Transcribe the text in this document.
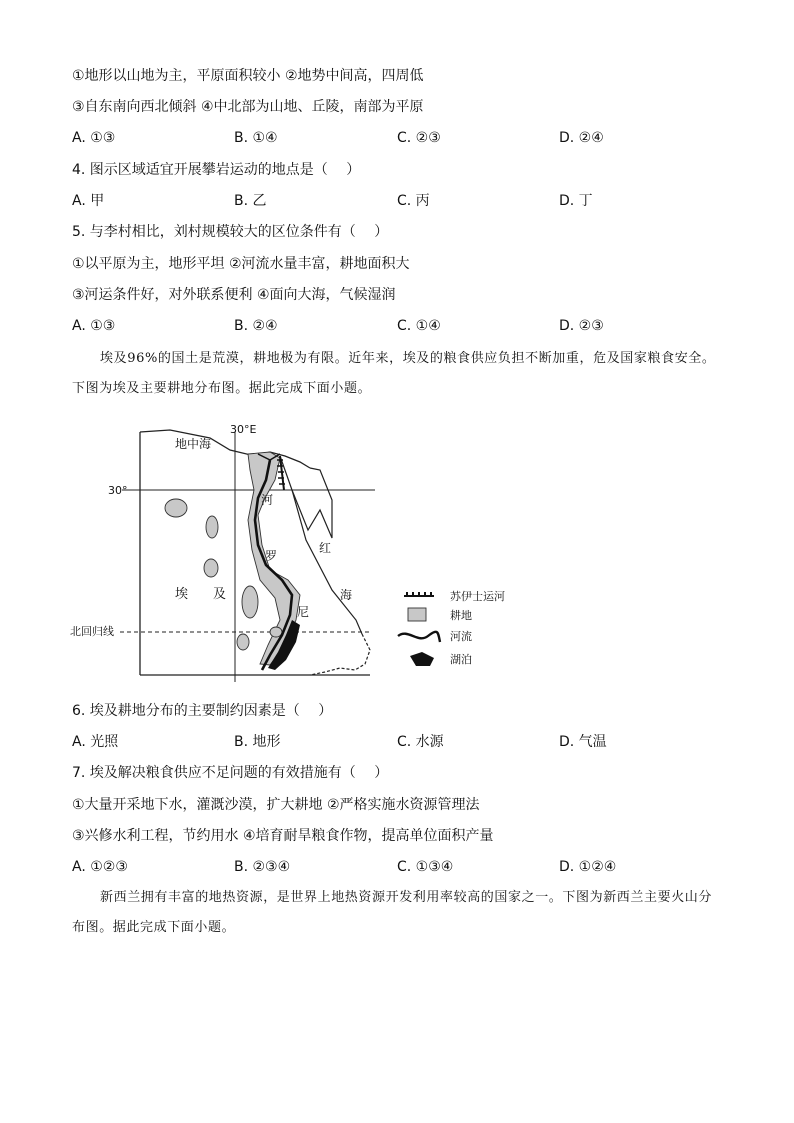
①地形以山地为主，平原面积较小 ②地势中间高，四周低
③自东南向西北倾斜 ④中北部为山地、丘陵，南部为平原
A. ①③	B. ①④	C. ②③	D. ②④
4. 图示区域适宜开展攀岩运动的地点是（　 ）
A. 甲	B. 乙	C. 丙	D. 丁
5. 与李村相比，刘村规模较大的区位条件有（　 ）
①以平原为主，地形平坦 ②河流水量丰富，耕地面积大
③河运条件好，对外联系便利 ④面向大海，气候湿润
A. ①③	B. ②④	C. ①④	D. ②③
埃及96%的国土是荒漠，耕地极为有限。近年来，埃及的粮食供应负担不断加重，危及国家粮食安全。下图为埃及主要耕地分布图。据此完成下面小题。
30°E
地中海
30°
埃 及
河
罗
尼
红
海
北回归线
苏伊士运河
耕地
河流
湖泊
6. 埃及耕地分布的主要制约因素是（　 ）
A. 光照	B. 地形	C. 水源	D. 气温
7. 埃及解决粮食供应不足问题的有效措施有（　 ）
①大量开采地下水，灌溉沙漠，扩大耕地 ②严格实施水资源管理法
③兴修水利工程，节约用水 ④培育耐旱粮食作物，提高单位面积产量
A. ①②③	B. ②③④	C. ①③④	D. ①②④
新西兰拥有丰富的地热资源，是世界上地热资源开发利用率较高的国家之一。下图为新西兰主要火山分布图。据此完成下面小题。
